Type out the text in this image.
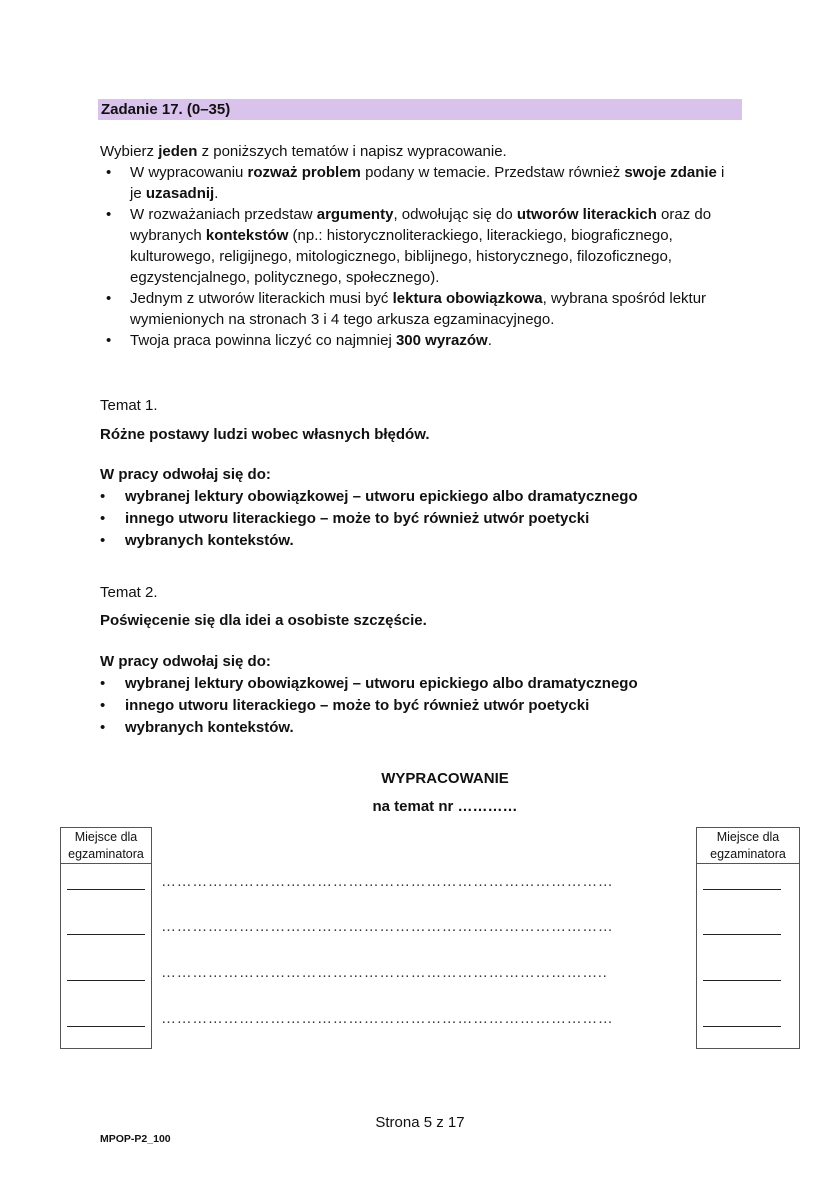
Zadanie 17. (0–35)
Wybierz jeden z poniższych tematów i napisz wypracowanie.
• W wypracowaniu rozważ problem podany w temacie. Przedstaw również swoje zdanie i je uzasadnij.
• W rozważaniach przedstaw argumenty, odwołując się do utworów literackich oraz do wybranych kontekstów (np.: historycznoliterackiego, literackiego, biograficznego, kulturowego, religijnego, mitologicznego, biblijnego, historycznego, filozoficznego, egzystencjalnego, politycznego, społecznego).
• Jednym z utworów literackich musi być lektura obowiązkowa, wybrana spośród lektur wymienionych na stronach 3 i 4 tego arkusza egzaminacyjnego.
• Twoja praca powinna liczyć co najmniej 300 wyrazów.
Temat 1.
Różne postawy ludzi wobec własnych błędów.
W pracy odwołaj się do:
• wybranej lektury obowiązkowej – utworu epickiego albo dramatycznego
• innego utworu literackiego – może to być również utwór poetycki
• wybranych kontekstów.
Temat 2.
Poświęcenie się dla idei a osobiste szczęście.
W pracy odwołaj się do:
• wybranej lektury obowiązkowej – utworu epickiego albo dramatycznego
• innego utworu literackiego – może to być również utwór poetycki
• wybranych kontekstów.
WYPRACOWANIE
na temat nr …………
Miejsce dla
egzaminatora
Miejsce dla
egzaminatora
……………………………………………………………………………
……………………………………………………………………………
…………………………………………………………………………..
……………………………………………………………………………
Strona 5 z 17
MPOP-P2_100
